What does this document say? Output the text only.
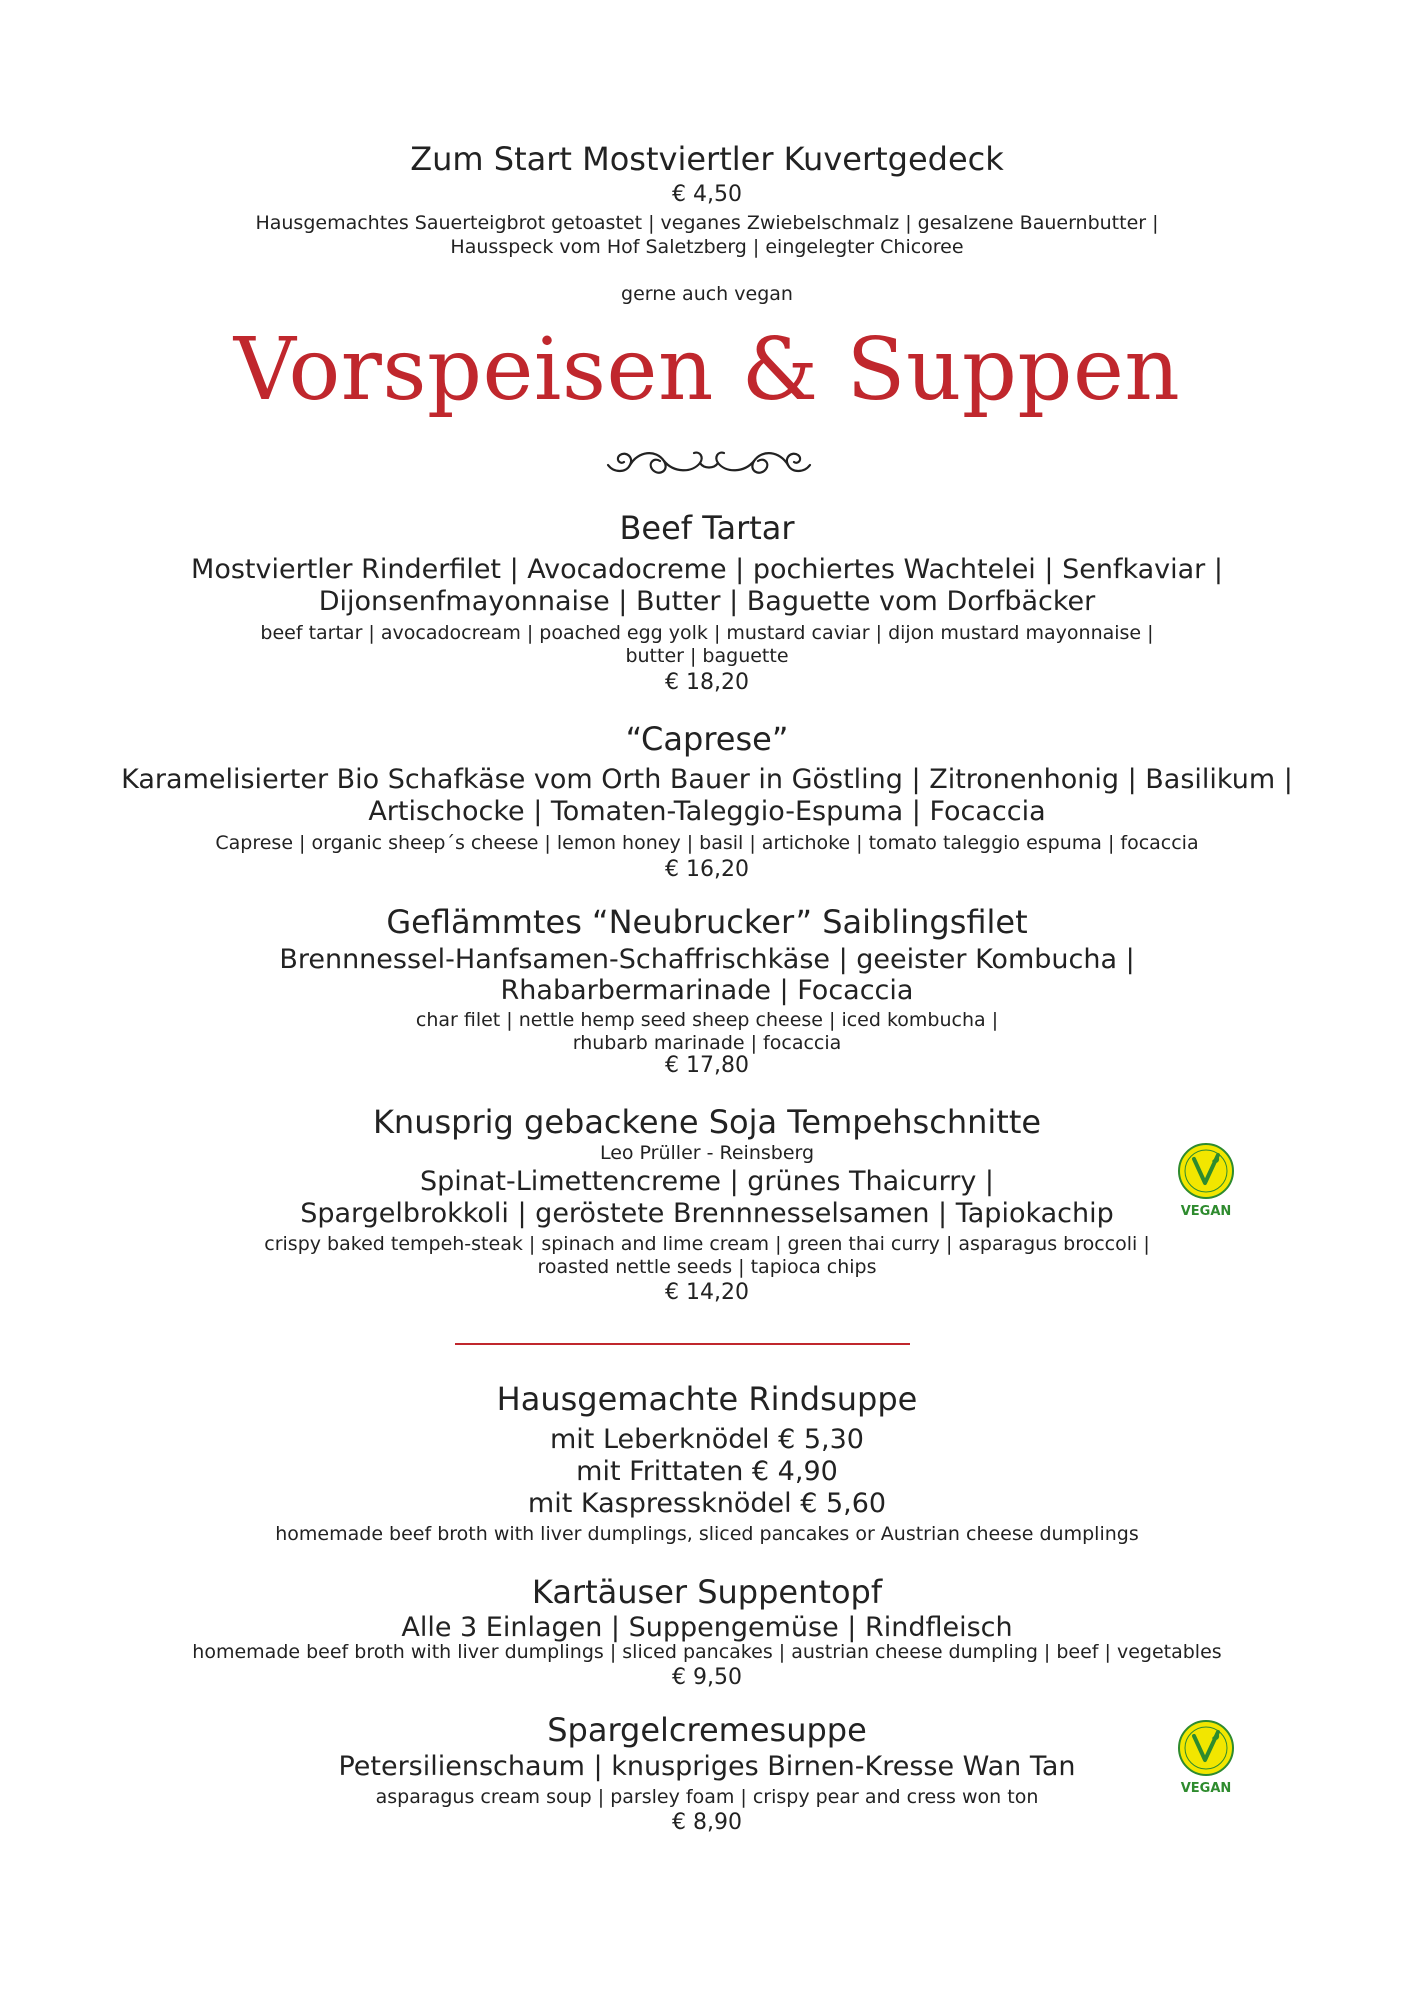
Zum Start Mostviertler Kuvertgedeck
€ 4,50
Hausgemachtes Sauerteigbrot getoastet | veganes Zwiebelschmalz | gesalzene Bauernbutter |
Hausspeck vom Hof Saletzberg | eingelegter Chicoree
gerne auch vegan
Vorspeisen & Suppen
Beef Tartar
Mostviertler Rinderfilet | Avocadocreme | pochiertes Wachtelei | Senfkaviar |
Dijonsenfmayonnaise | Butter | Baguette vom Dorfbäcker
beef tartar | avocadocream | poached egg yolk | mustard caviar | dijon mustard mayonnaise |
butter | baguette
€ 18,20
“Caprese”
Karamelisierter Bio Schafkäse vom Orth Bauer in Göstling | Zitronenhonig | Basilikum |
Artischocke | Tomaten-Taleggio-Espuma | Focaccia
Caprese | organic sheep´s cheese | lemon honey | basil | artichoke | tomato taleggio espuma | focaccia
€ 16,20
Geflämmtes “Neubrucker” Saiblingsfilet
Brennnessel-Hanfsamen-Schaffrischkäse | geeister Kombucha |
Rhabarbermarinade | Focaccia
char filet | nettle hemp seed sheep cheese | iced kombucha |
rhubarb marinade | focaccia
€ 17,80
Knusprig gebackene Soja Tempehschnitte
Leo Prüller - Reinsberg
Spinat-Limettencreme | grünes Thaicurry |
Spargelbrokkoli | geröstete Brennnesselsamen | Tapiokachip
crispy baked tempeh-steak | spinach and lime cream | green thai curry | asparagus broccoli |
roasted nettle seeds | tapioca chips
€ 14,20
VEGAN
Hausgemachte Rindsuppe
mit Leberknödel € 5,30
mit Frittaten € 4,90
mit Kaspressknödel € 5,60
homemade beef broth with liver dumplings, sliced pancakes or Austrian cheese dumplings
Kartäuser Suppentopf
Alle 3 Einlagen | Suppengemüse | Rindfleisch
homemade beef broth with liver dumplings | sliced pancakes | austrian cheese dumpling | beef | vegetables
€ 9,50
Spargelcremesuppe
Petersilienschaum | knuspriges Birnen-Kresse Wan Tan
asparagus cream soup | parsley foam | crispy pear and cress won ton
€ 8,90
VEGAN
